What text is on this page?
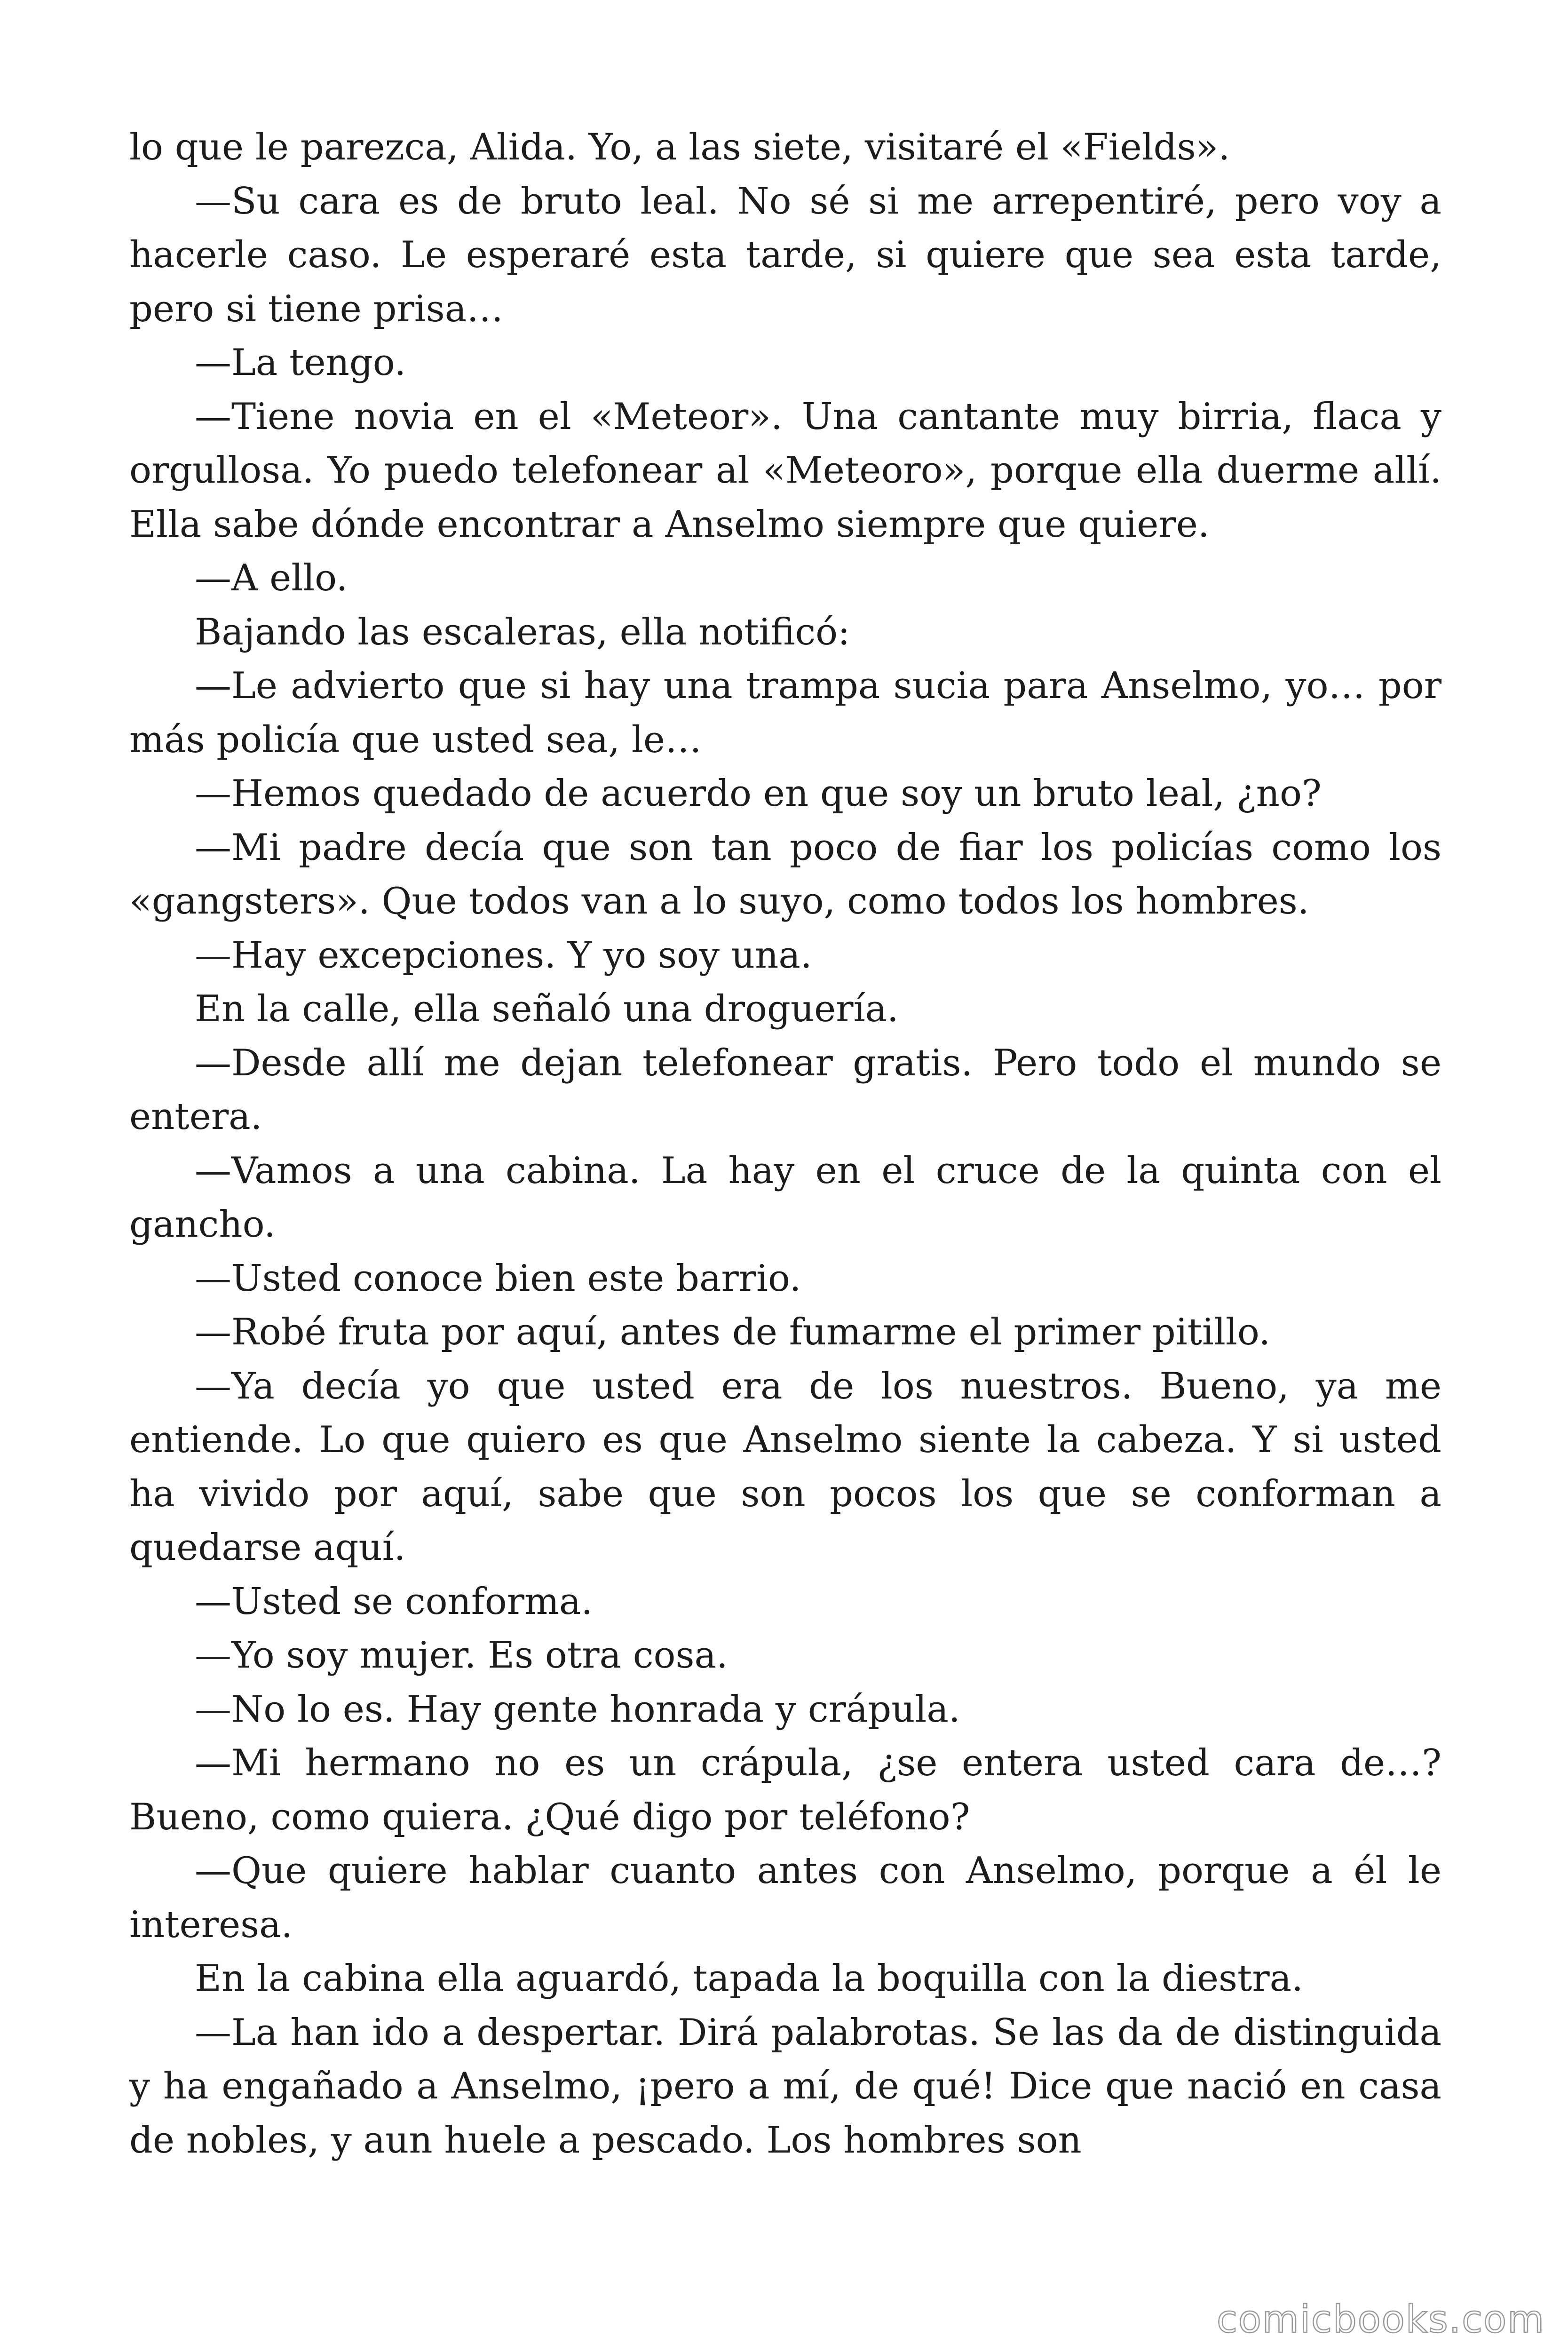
lo que le parezca, Alida. Yo, a las siete, visitaré el «Fields».

—Su cara es de bruto leal. No sé si me arrepentiré, pero voy a hacerle caso. Le esperaré esta tarde, si quiere que sea esta tarde, pero si tiene prisa…

—La tengo.

—Tiene novia en el «Meteor». Una cantante muy birria, flaca y orgullosa. Yo puedo telefonear al «Meteoro», porque ella duerme allí. Ella sabe dónde encontrar a Anselmo siempre que quiere.

—A ello.

Bajando las escaleras, ella notificó:

—Le advierto que si hay una trampa sucia para Anselmo, yo… por más policía que usted sea, le…

—Hemos quedado de acuerdo en que soy un bruto leal, ¿no?

—Mi padre decía que son tan poco de fiar los policías como los «gangsters». Que todos van a lo suyo, como todos los hombres.

—Hay excepciones. Y yo soy una.

En la calle, ella señaló una droguería.

—Desde allí me dejan telefonear gratis. Pero todo el mundo se entera.

—Vamos a una cabina. La hay en el cruce de la quinta con el gancho.

—Usted conoce bien este barrio.

—Robé fruta por aquí, antes de fumarme el primer pitillo.

—Ya decía yo que usted era de los nuestros. Bueno, ya me entiende. Lo que quiero es que Anselmo siente la cabeza. Y si usted ha vivido por aquí, sabe que son pocos los que se conforman a quedarse aquí.

—Usted se conforma.

—Yo soy mujer. Es otra cosa.

—No lo es. Hay gente honrada y crápula.

—Mi hermano no es un crápula, ¿se entera usted cara de…? Bueno, como quiera. ¿Qué digo por teléfono?

—Que quiere hablar cuanto antes con Anselmo, porque a él le interesa.

En la cabina ella aguardó, tapada la boquilla con la diestra.

—La han ido a despertar. Dirá palabrotas. Se las da de distinguida y ha engañado a Anselmo, ¡pero a mí, de qué! Dice que nació en casa de nobles, y aun huele a pescado. Los hombres son

comicbooks.com
